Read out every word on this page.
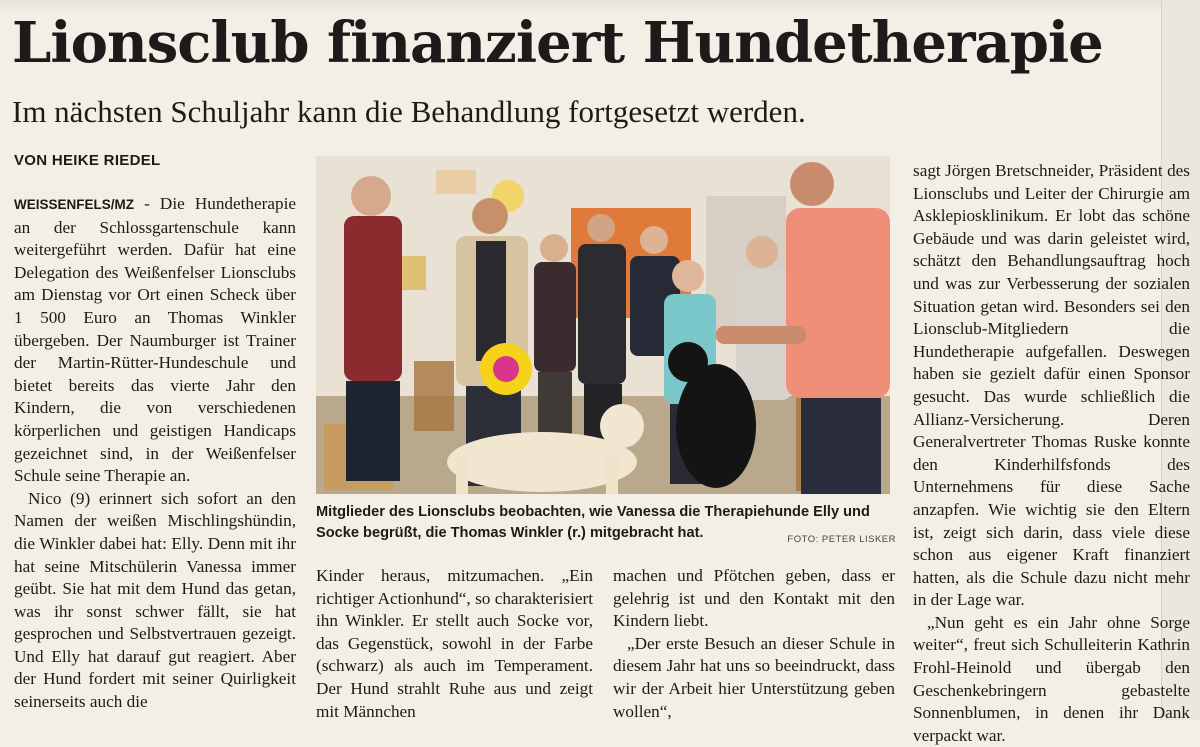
Lionsclub finanziert Hundetherapie
Im nächsten Schuljahr kann die Behandlung fortgesetzt werden.
VON HEIKE RIEDEL

WEISSENFELS/MZ - Die Hundetherapie an der Schlossgartenschule kann weitergeführt werden. Dafür hat eine Delegation des Weißenfelser Lionsclubs am Dienstag vor Ort einen Scheck über 1 500 Euro an Thomas Winkler übergeben. Der Naumburger ist Trainer der Martin-Rütter-Hundeschule und bietet bereits das vierte Jahr den Kindern, die von verschiedenen körperlichen und geistigen Handicaps gezeichnet sind, in der Weißenfelser Schule seine Therapie an.

Nico (9) erinnert sich sofort an den Namen der weißen Mischlingshündin, die Winkler dabei hat: Elly. Denn mit ihr hat seine Mitschülerin Vanessa immer geübt. Sie hat mit dem Hund das getan, was ihr sonst schwer fällt, sie hat gesprochen und Selbstvertrauen gezeigt. Und Elly hat darauf gut reagiert. Aber der Hund fordert mit seiner Quirligkeit seinerseits auch die

Mitglieder des Lionsclubs beobachten, wie Vanessa die Therapiehunde Elly und Socke begrüßt, die Thomas Winkler (r.) mitgebracht hat.	FOTO: PETER LISKER

Kinder heraus, mitzumachen. „Ein richtiger Actionhund“, so charakterisiert ihn Winkler. Er stellt auch Socke vor, das Gegenstück, sowohl in der Farbe (schwarz) als auch im Temperament. Der Hund strahlt Ruhe aus und zeigt mit Männchen

machen und Pfötchen geben, dass er gelehrig ist und den Kontakt mit den Kindern liebt.

„Der erste Besuch an dieser Schule in diesem Jahr hat uns so beeindruckt, dass wir der Arbeit hier Unterstützung geben wollen“,

sagt Jörgen Bretschneider, Präsident des Lionsclubs und Leiter der Chirurgie am Asklepiosklinikum. Er lobt das schöne Gebäude und was darin geleistet wird, schätzt den Behandlungsauftrag hoch und was zur Verbesserung der sozialen Situation getan wird. Besonders sei den Lionsclub-Mitgliedern die Hundetherapie aufgefallen. Deswegen haben sie gezielt dafür einen Sponsor gesucht. Das wurde schließlich die Allianz-Versicherung. Deren Generalvertreter Thomas Ruske konnte den Kinderhilfsfonds des Unternehmens für diese Sache anzapfen. Wie wichtig sie den Eltern ist, zeigt sich darin, dass viele diese schon aus eigener Kraft finanziert hatten, als die Schule dazu nicht mehr in der Lage war.

„Nun geht es ein Jahr ohne Sorge weiter“, freut sich Schulleiterin Kathrin Frohl-Heinold und übergab den Geschenkebringern gebastelte Sonnenblumen, in denen ihr Dank verpackt war.
